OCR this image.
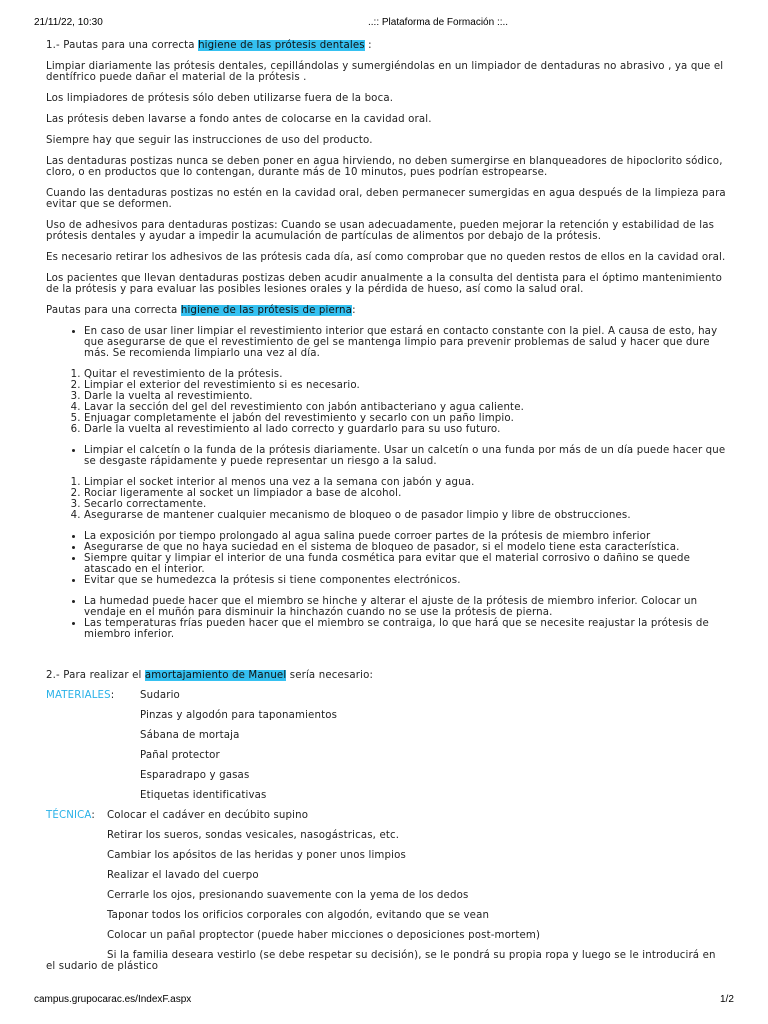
21/11/22, 10:30	..:: Plataforma de Formación ::..

1.- Pautas para una correcta higiene de las prótesis dentales :

Limpiar diariamente las prótesis dentales, cepillándolas y sumergiéndolas en un limpiador de dentaduras no abrasivo , ya que el dentífrico puede dañar el material de la prótesis .

Los limpiadores de prótesis sólo deben utilizarse fuera de la boca.

Las prótesis deben lavarse a fondo antes de colocarse en la cavidad oral.

Siempre hay que seguir las instrucciones de uso del producto.

Las dentaduras postizas nunca se deben poner en agua hirviendo, no deben sumergirse en blanqueadores de hipoclorito sódico, cloro, o en productos que lo contengan, durante más de 10 minutos, pues podrían estropearse.

Cuando las dentaduras postizas no estén en la cavidad oral, deben permanecer sumergidas en agua después de la limpieza para evitar que se deformen.

Uso de adhesivos para dentaduras postizas: Cuando se usan adecuadamente, pueden mejorar la retención y estabilidad de las prótesis dentales y ayudar a impedir la acumulación de partículas de alimentos por debajo de la prótesis.

Es necesario retirar los adhesivos de las prótesis cada día, así como comprobar que no queden restos de ellos en la cavidad oral.

Los pacientes que llevan dentaduras postizas deben acudir anualmente a la consulta del dentista para el óptimo mantenimiento de la prótesis y para evaluar las posibles lesiones orales y la pérdida de hueso, así como la salud oral.

Pautas para una correcta higiene de las prótesis de pierna:

• En caso de usar liner limpiar el revestimiento interior que estará en contacto constante con la piel. A causa de esto, hay que asegurarse de que el revestimiento de gel se mantenga limpio para prevenir problemas de salud y hacer que dure más. Se recomienda limpiarlo una vez al día.
1. Quitar el revestimiento de la prótesis.
2. Limpiar el exterior del revestimiento si es necesario.
3. Darle la vuelta al revestimiento.
4. Lavar la sección del gel del revestimiento con jabón antibacteriano y agua caliente.
5. Enjuagar completamente el jabón del revestimiento y secarlo con un paño limpio.
6. Darle la vuelta al revestimiento al lado correcto y guardarlo para su uso futuro.
• Limpiar el calcetín o la funda de la prótesis diariamente. Usar un calcetín o una funda por más de un día puede hacer que se desgaste rápidamente y puede representar un riesgo a la salud.
1. Limpiar el socket interior al menos una vez a la semana con jabón y agua.
2. Rociar ligeramente al socket un limpiador a base de alcohol.
3. Secarlo correctamente.
4. Asegurarse de mantener cualquier mecanismo de bloqueo o de pasador limpio y libre de obstrucciones.
• La exposición por tiempo prolongado al agua salina puede corroer partes de la prótesis de miembro inferior
• Asegurarse de que no haya suciedad en el sistema de bloqueo de pasador, si el modelo tiene esta característica.
• Siempre quitar y limpiar el interior de una funda cosmética para evitar que el material corrosivo o dañino se quede atascado en el interior.
• Evitar que se humedezca la prótesis si tiene componentes electrónicos.
• La humedad puede hacer que el miembro se hinche y alterar el ajuste de la prótesis de miembro inferior. Colocar un vendaje en el muñón para disminuir la hinchazón cuando no se use la prótesis de pierna.
• Las temperaturas frías pueden hacer que el miembro se contraiga, lo que hará que se necesite reajustar la prótesis de miembro inferior.

2.- Para realizar el amortajamiento de Manuel sería necesario:

MATERIALES:	Sudario
Pinzas y algodón para taponamientos
Sábana de mortaja
Pañal protector
Esparadrapo y gasas
Etiquetas identificativas
TÉCNICA: Colocar el cadáver en decúbito supino
Retirar los sueros, sondas vesicales, nasogástricas, etc.
Cambiar los apósitos de las heridas y poner unos limpios
Realizar el lavado del cuerpo
Cerrarle los ojos, presionando suavemente con la yema de los dedos
Taponar todos los orificios corporales con algodón, evitando que se vean
Colocar un pañal proptector (puede haber micciones o deposiciones post-mortem)

Si la familia deseara vestirlo (se debe respetar su decisión), se le pondrá su propia ropa y luego se le introducirá en el sudario de plástico

campus.grupocarac.es/IndexF.aspx	1/2
